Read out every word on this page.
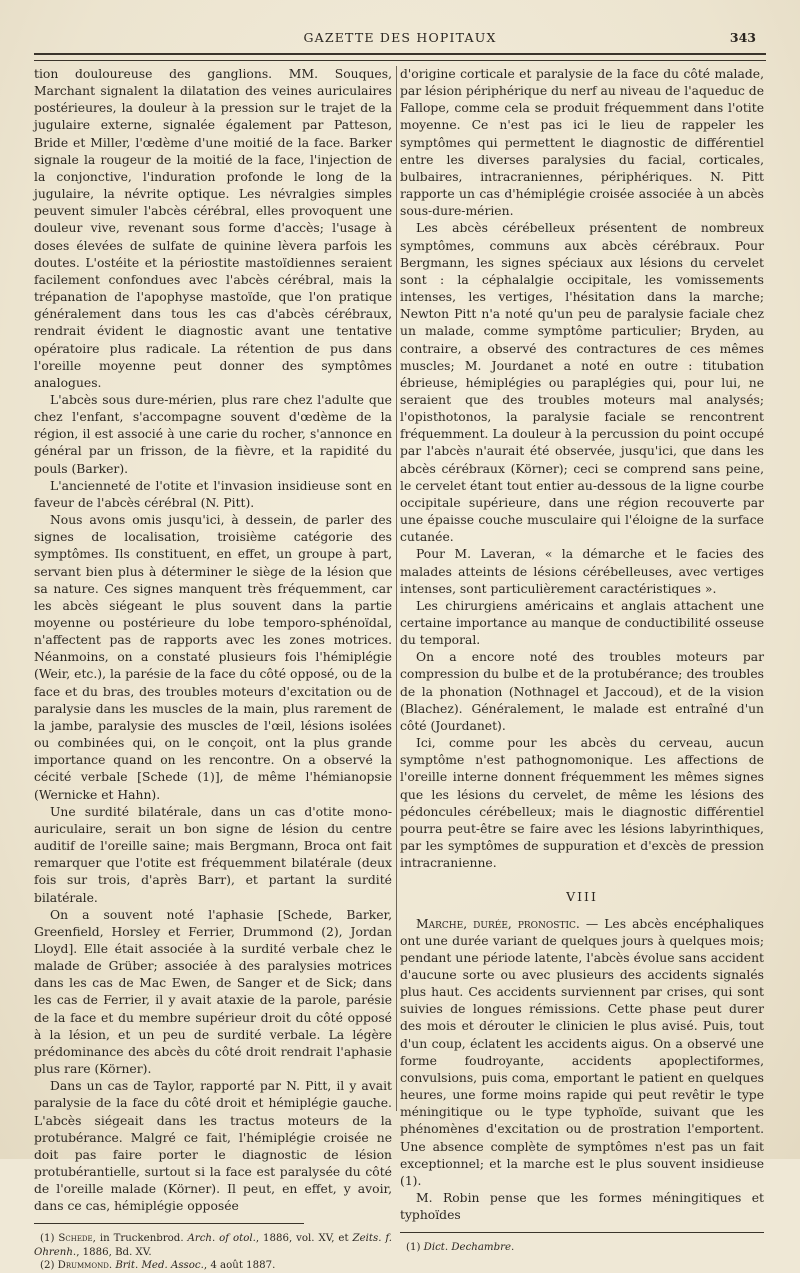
GAZETTE DES HOPITAUX	343

tion douloureuse des ganglions. MM. Souques, Marchant signalent la dilatation des veines auriculaires postérieures, la douleur à la pression sur le trajet de la jugulaire externe, signalée également par Patteson, Bride et Miller, l'œdème d'une moitié de la face. Barker signale la rougeur de la moitié de la face, l'injection de la conjonctive, l'induration profonde le long de la jugulaire, la névrite optique. Les névralgies simples peuvent simuler l'abcès cérébral, elles provoquent une douleur vive, revenant sous forme d'accès; l'usage à doses élevées de sulfate de quinine lèvera parfois les doutes. L'ostéite et la périostite mastoïdiennes seraient facilement confondues avec l'abcès cérébral, mais la trépanation de l'apophyse mastoïde, que l'on pratique généralement dans tous les cas d'abcès cérébraux, rendrait évident le diagnostic avant une tentative opératoire plus radicale. La rétention de pus dans l'oreille moyenne peut donner des symptômes analogues.

L'abcès sous dure-mérien, plus rare chez l'adulte que chez l'enfant, s'accompagne souvent d'œdème de la région, il est associé à une carie du rocher, s'annonce en général par un frisson, de la fièvre, et la rapidité du pouls (Barker).

L'ancienneté de l'otite et l'invasion insidieuse sont en faveur de l'abcès cérébral (N. Pitt).

Nous avons omis jusqu'ici, à dessein, de parler des signes de localisation, troisième catégorie des symptômes. Ils constituent, en effet, un groupe à part, servant bien plus à déterminer le siège de la lésion que sa nature. Ces signes manquent très fréquemment, car les abcès siégeant le plus souvent dans la partie moyenne ou postérieure du lobe temporo-sphénoïdal, n'affectent pas de rapports avec les zones motrices. Néanmoins, on a constaté plusieurs fois l'hémiplégie (Weir, etc.), la parésie de la face du côté opposé, ou de la face et du bras, des troubles moteurs d'excitation ou de paralysie dans les muscles de la main, plus rarement de la jambe, paralysie des muscles de l'œil, lésions isolées ou combinées qui, on le conçoit, ont la plus grande importance quand on les rencontre. On a observé la cécité verbale [Schede (1)], de même l'hémianopsie (Wernicke et Hahn).

Une surdité bilatérale, dans un cas d'otite mono-auriculaire, serait un bon signe de lésion du centre auditif de l'oreille saine; mais Bergmann, Broca ont fait remarquer que l'otite est fréquemment bilatérale (deux fois sur trois, d'après Barr), et partant la surdité bilatérale.

On a souvent noté l'aphasie [Schede, Barker, Greenfield, Horsley et Ferrier, Drummond (2), Jordan Lloyd]. Elle était associée à la surdité verbale chez le malade de Grüber; associée à des paralysies motrices dans les cas de Mac Ewen, de Sanger et de Sick; dans les cas de Ferrier, il y avait ataxie de la parole, parésie de la face et du membre supérieur droit du côté opposé à la lésion, et un peu de surdité verbale. La légère prédominance des abcès du côté droit rendrait l'aphasie plus rare (Körner).

Dans un cas de Taylor, rapporté par N. Pitt, il y avait paralysie de la face du côté droit et hémiplégie gauche. L'abcès siégeait dans les tractus moteurs de la protubérance. Malgré ce fait, l'hémiplégie croisée ne doit pas faire porter le diagnostic de lésion protubérantielle, surtout si la face est paralysée du côté de l'oreille malade (Körner). Il peut, en effet, y avoir, dans ce cas, hémiplégie opposée

(1) Schede, in Truckenbrod. Arch. of otol., 1886, vol. XV, et Zeits. f. Ohrenh., 1886, Bd. XV.

(2) Drummond. Brit. Med. Assoc., 4 août 1887.

d'origine corticale et paralysie de la face du côté malade, par lésion périphérique du nerf au niveau de l'aqueduc de Fallope, comme cela se produit fréquemment dans l'otite moyenne. Ce n'est pas ici le lieu de rappeler les symptômes qui permettent le diagnostic de différentiel entre les diverses paralysies du facial, corticales, bulbaires, intracraniennes, périphériques. N. Pitt rapporte un cas d'hémiplégie croisée associée à un abcès sous-dure-mérien.

Les abcès cérébelleux présentent de nombreux symptômes, communs aux abcès cérébraux. Pour Bergmann, les signes spéciaux aux lésions du cervelet sont : la céphalalgie occipitale, les vomissements intenses, les vertiges, l'hésitation dans la marche; Newton Pitt n'a noté qu'un peu de paralysie faciale chez un malade, comme symptôme particulier; Bryden, au contraire, a observé des contractures de ces mêmes muscles; M. Jourdanet a noté en outre : titubation ébrieuse, hémiplégies ou paraplégies qui, pour lui, ne seraient que des troubles moteurs mal analysés; l'opisthotonos, la paralysie faciale se rencontrent fréquemment. La douleur à la percussion du point occupé par l'abcès n'aurait été observée, jusqu'ici, que dans les abcès cérébraux (Körner); ceci se comprend sans peine, le cervelet étant tout entier au-dessous de la ligne courbe occipitale supérieure, dans une région recouverte par une épaisse couche musculaire qui l'éloigne de la surface cutanée.

Pour M. Laveran, « la démarche et le facies des malades atteints de lésions cérébelleuses, avec vertiges intenses, sont particulièrement caractéristiques ».

Les chirurgiens américains et anglais attachent une certaine importance au manque de conductibilité osseuse du temporal.

On a encore noté des troubles moteurs par compression du bulbe et de la protubérance; des troubles de la phonation (Nothnagel et Jaccoud), et de la vision (Blachez). Généralement, le malade est entraîné d'un côté (Jourdanet).

Ici, comme pour les abcès du cerveau, aucun symptôme n'est pathognomonique. Les affections de l'oreille interne donnent fréquemment les mêmes signes que les lésions du cervelet, de même les lésions des pédoncules cérébelleux; mais le diagnostic différentiel pourra peut-être se faire avec les lésions labyrinthiques, par les symptômes de suppuration et d'excès de pression intracranienne.

VIII

Marche, durée, pronostic. — Les abcès encéphaliques ont une durée variant de quelques jours à quelques mois; pendant une période latente, l'abcès évolue sans accident d'aucune sorte ou avec plusieurs des accidents signalés plus haut. Ces accidents surviennent par crises, qui sont suivies de longues rémissions. Cette phase peut durer des mois et dérouter le clinicien le plus avisé. Puis, tout d'un coup, éclatent les accidents aigus. On a observé une forme foudroyante, accidents apoplectiformes, convulsions, puis coma, emportant le patient en quelques heures, une forme moins rapide qui peut revêtir le type méningitique ou le type typhoïde, suivant que les phénomènes d'excitation ou de prostration l'emportent. Une absence complète de symptômes n'est pas un fait exceptionnel; et la marche est le plus souvent insidieuse (1).

M. Robin pense que les formes méningitiques et typhoïdes

(1) Dict. Dechambre.
